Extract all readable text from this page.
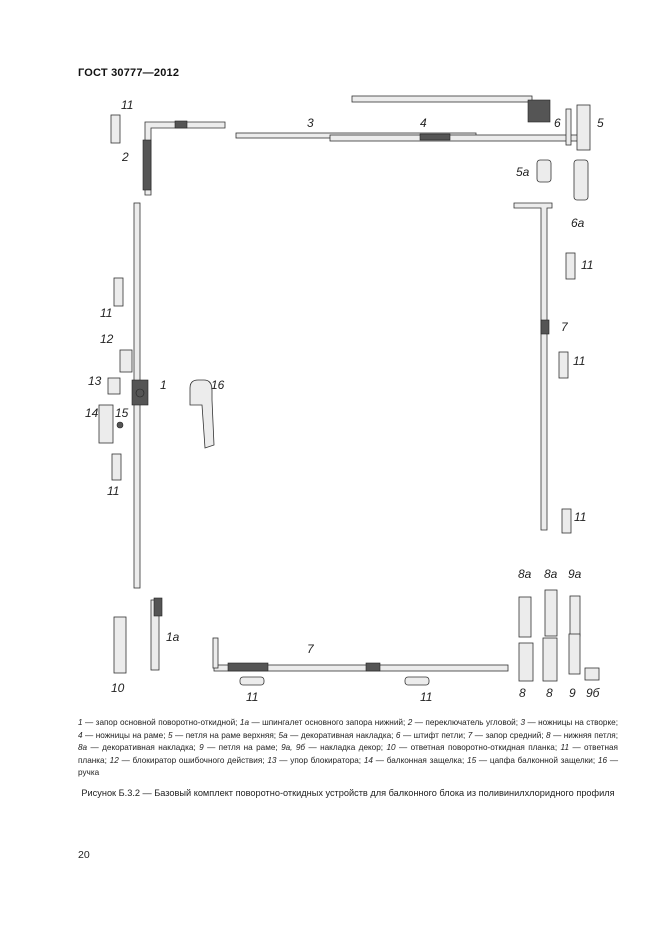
ГОСТ 30777—2012
11
2
3	4	6	5
5a
6a
11
11
7
12
11
13	1	16
14 15
11
11
8a 8a 9a
1a
7
10
11	11	8 8 9 9б
1 — запор основной поворотно-откидной; 1a — шпингалет основного запора нижний; 2 — переключатель угловой; 3 — ножницы на створке; 4 — ножницы на раме; 5 — петля на раме верхняя; 5a — декоративная накладка; 6 — штифт петли; 7 — запор средний; 8 — нижняя петля; 8a — декоративная накладка; 9 — петля на раме; 9a, 9б — накладка декор; 10 — ответная поворотно-откидная планка; 11 — ответная планка; 12 — блокиратор ошибочного действия; 13 — упор блокиратора; 14 — балконная защелка; 15 — цапфа балконной защелки; 16 — ручка
Рисунок Б.3.2 — Базовый комплект поворотно-откидных устройств для балконного блока из поливинилхлоридного профиля
20
